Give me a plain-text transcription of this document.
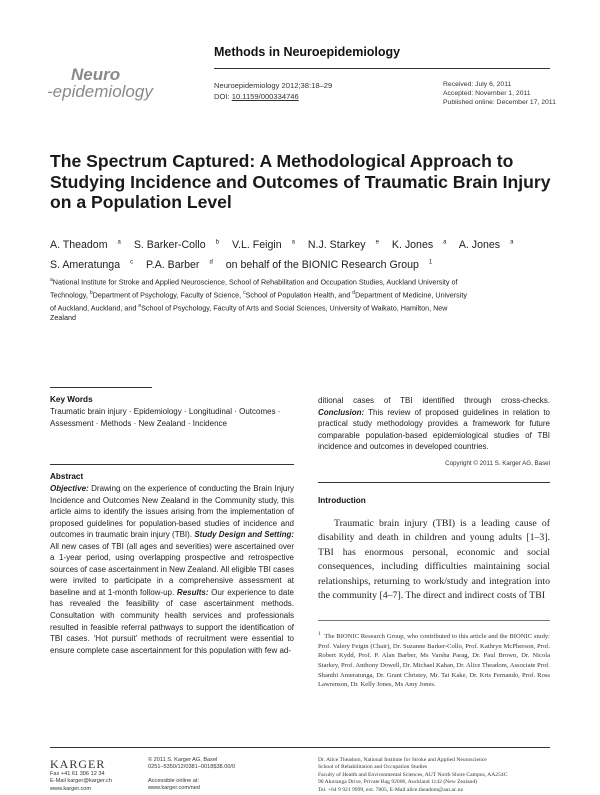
Methods in Neuroepidemiology
Neuro
-epidemiology	Neuroepidemiology 2012;38:18–29
DOI: 10.1159/000334746
Received: July 6, 2011
Accepted: November 1, 2011
Published online: December 17, 2011
The Spectrum Captured: A Methodological Approach to Studying Incidence and Outcomes of Traumatic Brain Injury on a Population Level
A. Theadom $^a$ S. Barker-Collo $^b$ V.L. Feigin $^a$ N.J. Starkey $^e$ K. Jones $^a$ A. Jones $^a$
S. Ameratunga $^c$ P.A. Barber $^d$ on behalf of the BIONIC Research Group $^1$
$^a$National Institute for Stroke and Applied Neuroscience, School of Rehabilitation and Occupation Studies, Auckland University of Technology, $^b$Department of Psychology, Faculty of Science, $^c$School of Population Health, and $^d$Department of Medicine, University of Auckland, Auckland, and $^e$School of Psychology, Faculty of Arts and Social Sciences, University of Waikato, Hamilton, New Zealand
Key Words
Traumatic brain injury · Epidemiology · Longitudinal · Outcomes · Assessment · Methods · New Zealand · Incidence
Abstract
Objective: Drawing on the experience of conducting the Brain Injury Incidence and Outcomes New Zealand in the Community study, this article aims to identify the issues arising from the implementation of proposed guidelines for population-based studies of incidence and outcomes in traumatic brain injury (TBI). Study Design and Setting: All new cases of TBI (all ages and severities) were ascertained over a 1-year period, using overlapping prospective and retrospective sources of case ascertainment in New Zealand. All eligible TBI cases were invited to participate in a comprehensive assessment at baseline and at 1-month follow-up. Results: Our experience to date has revealed the feasibility of case ascertainment methods. Consultation with community health services and professionals resulted in feasible referral pathways to support the identification of TBI cases. ‘Hot pursuit’ methods of recruitment were essential to ensure complete case ascertainment for this population with few ad-
ditional cases of TBI identified through cross-checks. Conclusion: This review of proposed guidelines in relation to practical study methodology provides a framework for future comparable population-based epidemiological studies of TBI incidence and outcomes in developed countries.
Copyright © 2011 S. Karger AG, Basel
Introduction
Traumatic brain injury (TBI) is a leading cause of disability and death in children and young adults [1–3]. TBI has enormous personal, economic and social consequences, including difficulties maintaining social relationships, returning to work/study and integration into the community [4–7]. The direct and indirect costs of TBI
$^1$ The BIONIC Research Group, who contributed to this article and the BIONIC study: Prof. Valery Feigin (Chair), Dr. Suzanne Barker-Collo, Prof. Kathryn McPherson, Prof. Robert Kydd, Prof. P. Alan Barber, Ms Varsha Parag, Dr. Paul Brown, Dr. Nicola Starkey, Prof. Anthony Dowell, Dr. Michael Kahan, Dr. Alice Theadom, Associate Prof. Shanthi Ameratunga, Dr. Grant Christey, Mr. Tai Kake, Dr. Kris Fernando, Prof. Ross Lawrenson, Dr. Kelly Jones, Ms Amy Jones.
KARGER
Fax +41 61 306 12 34
E-Mail karger@karger.ch
www.karger.com
© 2011 S. Karger AG, Basel
0251–5350/12/0381–0018$38.00/0
Accessible online at:
www.karger.com/ned
Dr. Alice Theadom, National Institute for Stroke and Applied Neuroscience
School of Rehabilitation and Occupation Studies
Faculty of Health and Environmental Sciences, AUT North Shore Campus, AA254C
90 Akoranga Drive, Private Bag 92006, Auckland 1142 (New Zealand)
Tel. +64 9 921 9999, ext. 7805, E-Mail alice.theadom@aut.ac.nz
